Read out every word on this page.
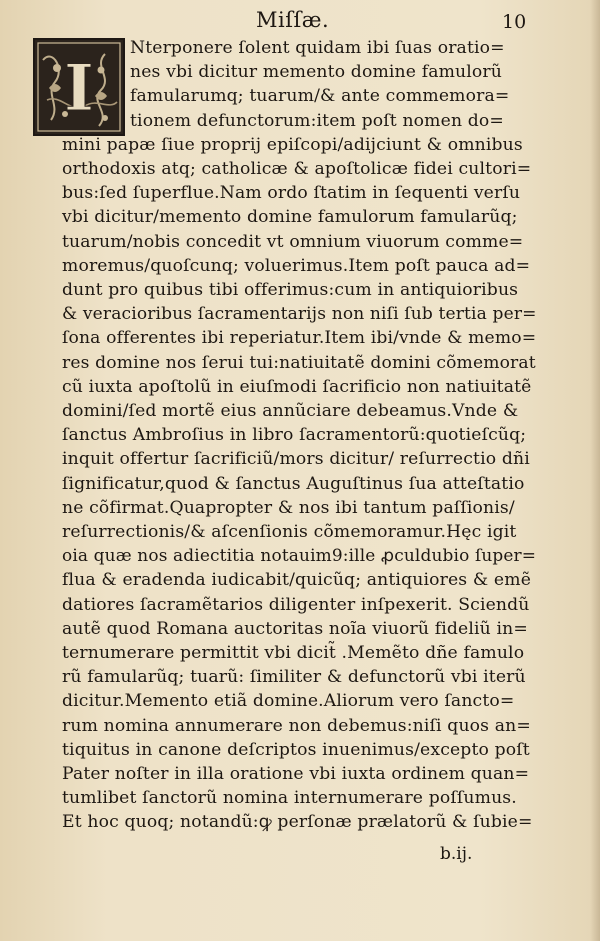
Miſſæ.	10
I
Nterponere ſolent quidam ibi ſuas oratio=
nes vbi dicitur memento domine famulorũ
famularumq; tuarum/& ante commemora=
tionem defunctorum:item poſt nomen do=
mini papæ ſiue proprij epiſcopi/adijciunt & omnibus
orthodoxis atq; catholicæ & apoſtolicæ fidei cultori=
bus:ſed ſuperflue.Nam ordo ſtatim in ſequenti verſu
vbi dicitur/memento domine famulorum famularũq;
tuarum/nobis concedit vt omnium viuorum comme=
moremus/quoſcunq; voluerimus.Item poſt pauca ad=
dunt pro quibus tibi offerimus:cum in antiquioribus
& veracioribus ſacramentarijs non niſi ſub tertia per=
ſona offerentes ibi reperiatur.Item ibi/vnde & memo=
res domine nos ſerui tui:natiuitatẽ domini cõmemorat
cũ iuxta apoſtolũ in eiuſmodi ſacrificio non natiuitatẽ
domini/ſed mortẽ eius annũciare debeamus.Vnde &
ſanctus Ambroſius in libro ſacramentorũ:quotieſcũq;
inquit offertur ſacrificiũ/mors dicitur/ reſurrectio dñi
ſignificatur,quod & ſanctus Auguſtinus ſua atteſtatio
ne cõfirmat.Quapropter & nos ibi tantum paſſionis/
reſurrectionis/& aſcenſionis cõmemoramur.Hęc igit
oia quæ nos adiectitia notauim9:ille ꝓculdubio ſuper=
flua & eradenda iudicabit/quicũq; antiquiores & emẽ
datiores ſacramẽtarios diligenter inſpexerit. Sciendũ
autẽ quod Romana auctoritas noĩa viuorũ fideliũ in=
ternumerare permittit vbi dicit̃ .Memẽto dñe famulo
rũ famularũq; tuarũ: ſimiliter & defunctorũ vbi iterũ
dicitur.Memento etiã domine.Aliorum vero ſancto=
rum nomina annumerare non debemus:niſi quos an=
tiquitus in canone deſcriptos inuenimus/excepto poſt
Pater noſter in illa oratione vbi iuxta ordinem quan=
tumlibet ſanctorũ nomina internumerare poſſumus.
Et hoc quoq; notandũ:ꝙ perſonæ prælatorũ & ſubie=
b.ij.
